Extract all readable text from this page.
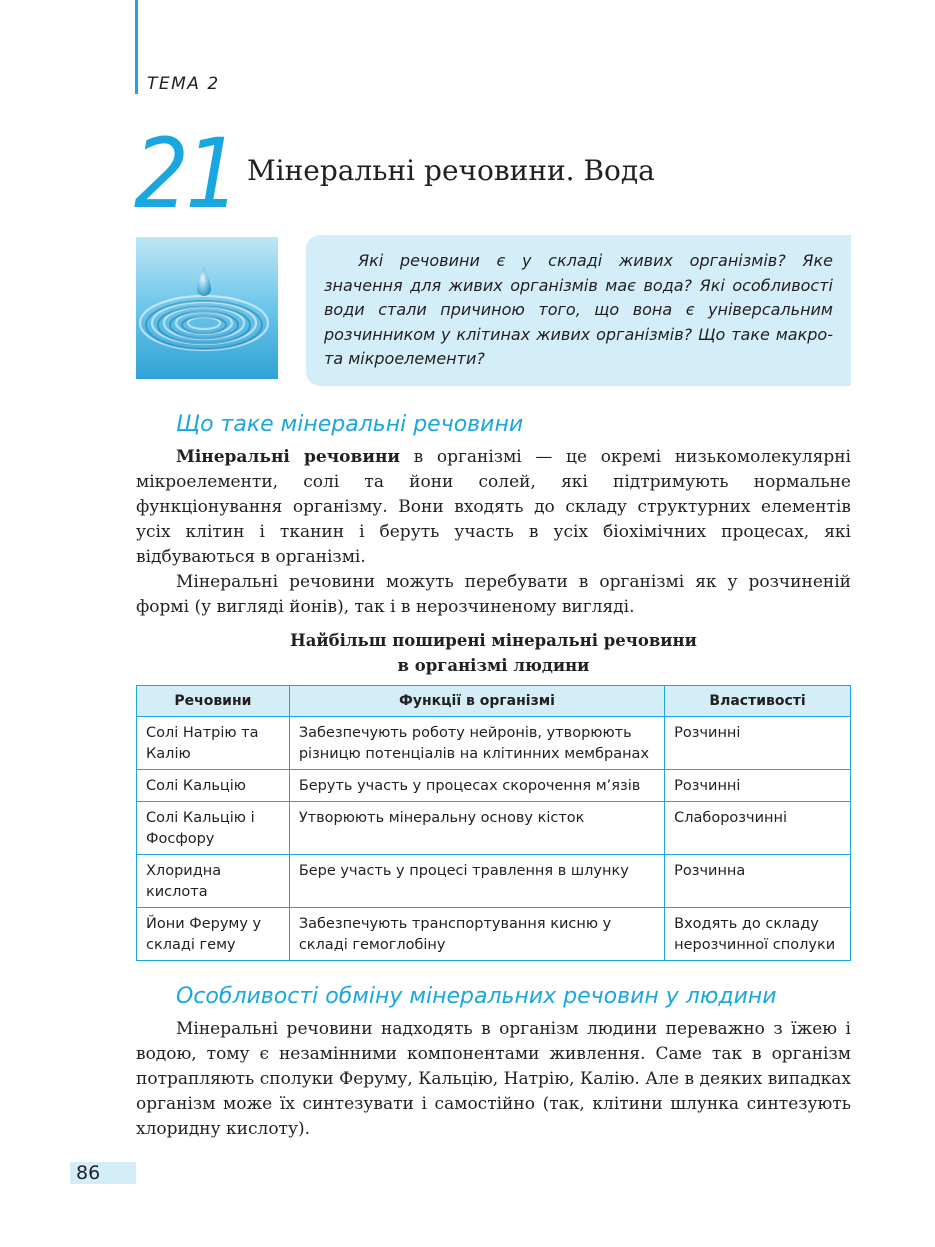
ТЕМА 2
21 Мінеральні речовини. Вода

Які речовини є у складі живих організмів? Яке значення для живих організмів має вода? Які особливості води стали причиною того, що вона є універсальним розчинником у клітинах живих організмів? Що таке макро- та мікроелементи?

Що таке мінеральні речовини

Мінеральні речовини в організмі — це окремі низькомолекулярні мікроелементи, солі та йони солей, які підтримують нормальне функціонування організму. Вони входять до складу структурних елементів усіх клітин і тканин і беруть участь в усіх біохімічних процесах, які відбуваються в організмі.

Мінеральні речовини можуть перебувати в організмі як у розчиненій формі (у вигляді йонів), так і в нерозчиненому вигляді.

Найбільш поширені мінеральні речовини
в організмі людини
Речовини	Функції в організмі	Властивості
Солі Натрію та Калію	Забезпечують роботу нейронів, утворюють різницю потенціалів на клітинних мембранах	Розчинні
Солі Кальцію	Беруть участь у процесах скорочення м’язів	Розчинні
Солі Кальцію і Фосфору	Утворюють мінеральну основу кісток	Слаборозчинні
Хлоридна кислота	Бере участь у процесі травлення в шлунку	Розчинна
Йони Феруму у складі гему	Забезпечують транспортування кисню у складі гемоглобіну	Входять до складу нерозчинної сполуки
Особливості обміну мінеральних речовин у людини

Мінеральні речовини надходять в організм людини переважно з їжею і водою, тому є незамінними компонентами живлення. Саме так в організм потрапляють сполуки Феруму, Кальцію, Натрію, Калію. Але в деяких випадках організм може їх синтезувати і самостійно (так, клітини шлунка синтезують хлоридну кислоту).

86
